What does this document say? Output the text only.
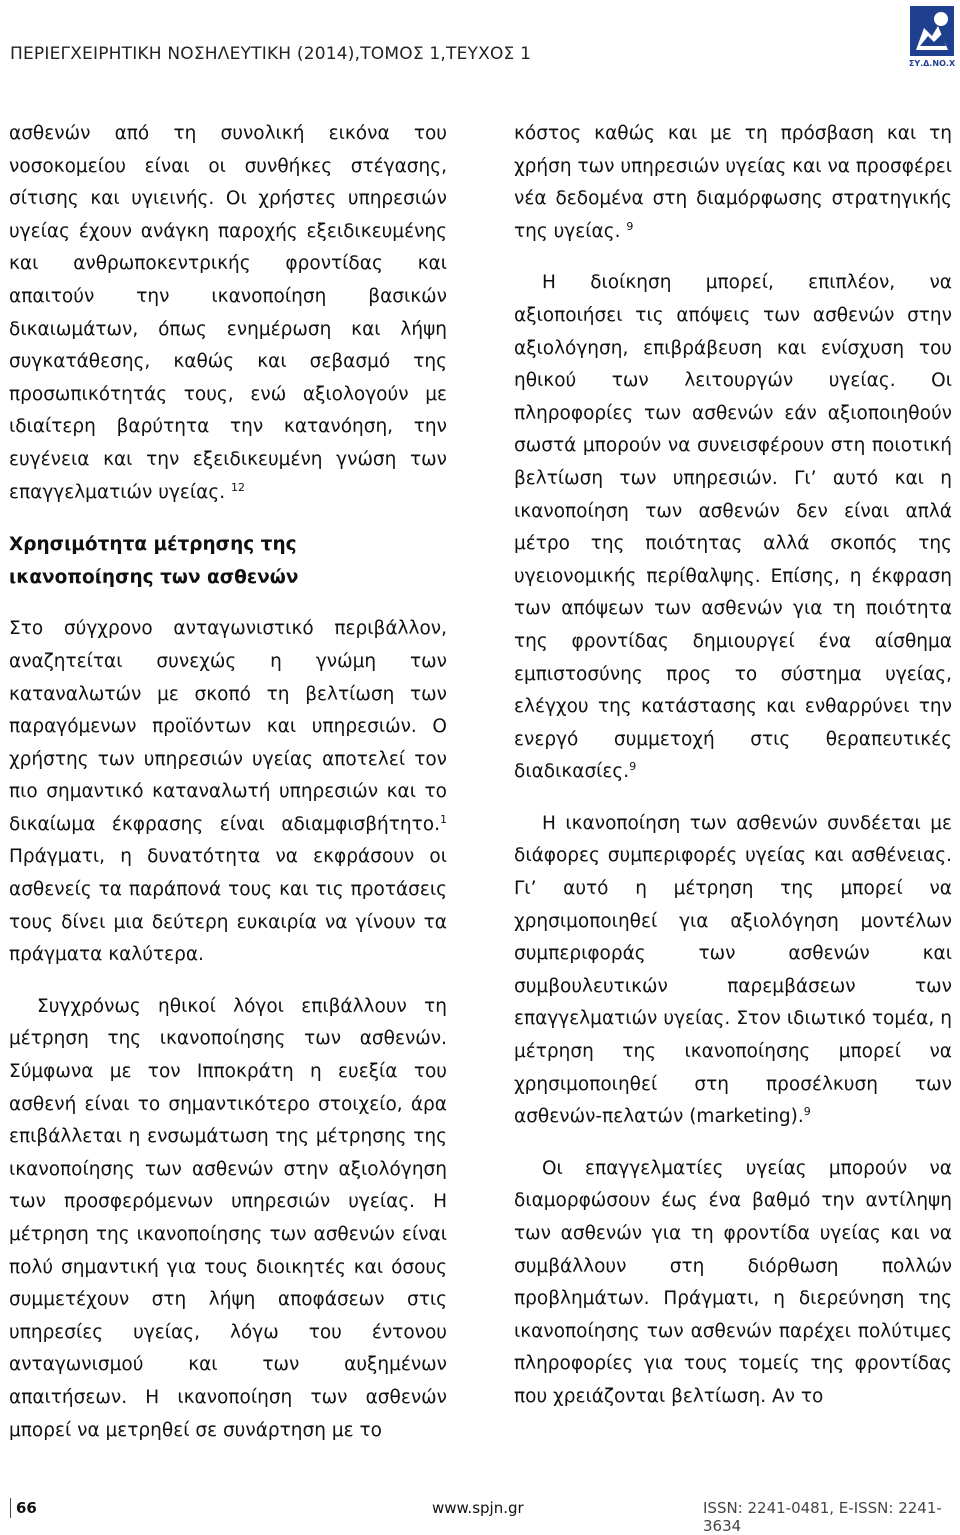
ΠΕΡΙΕΓΧΕΙΡΗΤΙΚΗ ΝΟΣΗΛΕΥΤΙΚΗ (2014),ΤΟΜΟΣ 1,ΤΕΥΧΟΣ 1	ΣΥ.Δ.ΝΟ.Χ

ασθενών από τη συνολική εικόνα του νοσοκομείου είναι οι συνθήκες στέγασης, σίτισης και υγιεινής. Οι χρήστες υπηρεσιών υγείας έχουν ανάγκη παροχής εξειδικευμένης και ανθρωποκεντρικής φροντίδας και απαιτούν την ικανοποίηση βασικών δικαιωμάτων, όπως ενημέρωση και λήψη συγκατάθεσης, καθώς και σεβασμό της προσωπικότητάς τους, ενώ αξιολογούν με ιδιαίτερη βαρύτητα την κατανόηση, την ευγένεια και την εξειδικευμένη γνώση των επαγγελματιών υγείας. $^{12}$

Χρησιμότητα μέτρησης της ικανοποίησης των ασθενών

Στο σύγχρονο ανταγωνιστικό περιβάλλον, αναζητείται συνεχώς η γνώμη των καταναλωτών με σκοπό τη βελτίωση των παραγόμενων προϊόντων και υπηρεσιών. Ο χρήστης των υπηρεσιών υγείας αποτελεί τον πιο σημαντικό καταναλωτή υπηρεσιών και το δικαίωμα έκφρασης είναι αδιαμφισβήτητο.$^1$ Πράγματι, η δυνατότητα να εκφράσουν οι ασθενείς τα παράπονά τους και τις προτάσεις τους δίνει μια δεύτερη ευκαιρία να γίνουν τα πράγματα καλύτερα.

Συγχρόνως ηθικοί λόγοι επιβάλλουν τη μέτρηση της ικανοποίησης των ασθενών. Σύμφωνα με τον Ιπποκράτη η ευεξία του ασθενή είναι το σημαντικότερο στοιχείο, άρα επιβάλλεται η ενσωμάτωση της μέτρησης της ικανοποίησης των ασθενών στην αξιολόγηση των προσφερόμενων υπηρεσιών υγείας. Η μέτρηση της ικανοποίησης των ασθενών είναι πολύ σημαντική για τους διοικητές και όσους συμμετέχουν στη λήψη αποφάσεων στις υπηρεσίες υγείας, λόγω του έντονου ανταγωνισμού και των αυξημένων απαιτήσεων. Η ικανοποίηση των ασθενών μπορεί να μετρηθεί σε συνάρτηση με το

κόστος καθώς και με τη πρόσβαση και τη χρήση των υπηρεσιών υγείας και να προσφέρει νέα δεδομένα στη διαμόρφωσης στρατηγικής της υγείας. $^9$

Η διοίκηση μπορεί, επιπλέον, να αξιοποιήσει τις απόψεις των ασθενών στην αξιολόγηση, επιβράβευση και ενίσχυση του ηθικού των λειτουργών υγείας. Οι πληροφορίες των ασθενών εάν αξιοποιηθούν σωστά μπορούν να συνεισφέρουν στη ποιοτική βελτίωση των υπηρεσιών. Γι’ αυτό και η ικανοποίηση των ασθενών δεν είναι απλά μέτρο της ποιότητας αλλά σκοπός της υγειονομικής περίθαλψης. Επίσης, η έκφραση των απόψεων των ασθενών για τη ποιότητα της φροντίδας δημιουργεί ένα αίσθημα εμπιστοσύνης προς το σύστημα υγείας, ελέγχου της κατάστασης και ενθαρρύνει την ενεργό συμμετοχή στις θεραπευτικές διαδικασίες.$^9$

Η ικανοποίηση των ασθενών συνδέεται με διάφορες συμπεριφορές υγείας και ασθένειας. Γι’ αυτό η μέτρηση της μπορεί να χρησιμοποιηθεί για αξιολόγηση μοντέλων συμπεριφοράς των ασθενών και συμβουλευτικών παρεμβάσεων των επαγγελματιών υγείας. Στον ιδιωτικό τομέα, η μέτρηση της ικανοποίησης μπορεί να χρησιμοποιηθεί στη προσέλκυση των ασθενών-πελατών (marketing).$^9$

Οι επαγγελματίες υγείας μπορούν να διαμορφώσουν έως ένα βαθμό την αντίληψη των ασθενών για τη φροντίδα υγείας και να συμβάλλουν στη διόρθωση πολλών προβλημάτων. Πράγματι, η διερεύνηση της ικανοποίησης των ασθενών παρέχει πολύτιμες πληροφορίες για τους τομείς της φροντίδας που χρειάζονται βελτίωση. Αν το

66	www.spjn.gr	ISSN: 2241-0481, E-ISSN: 2241-3634
